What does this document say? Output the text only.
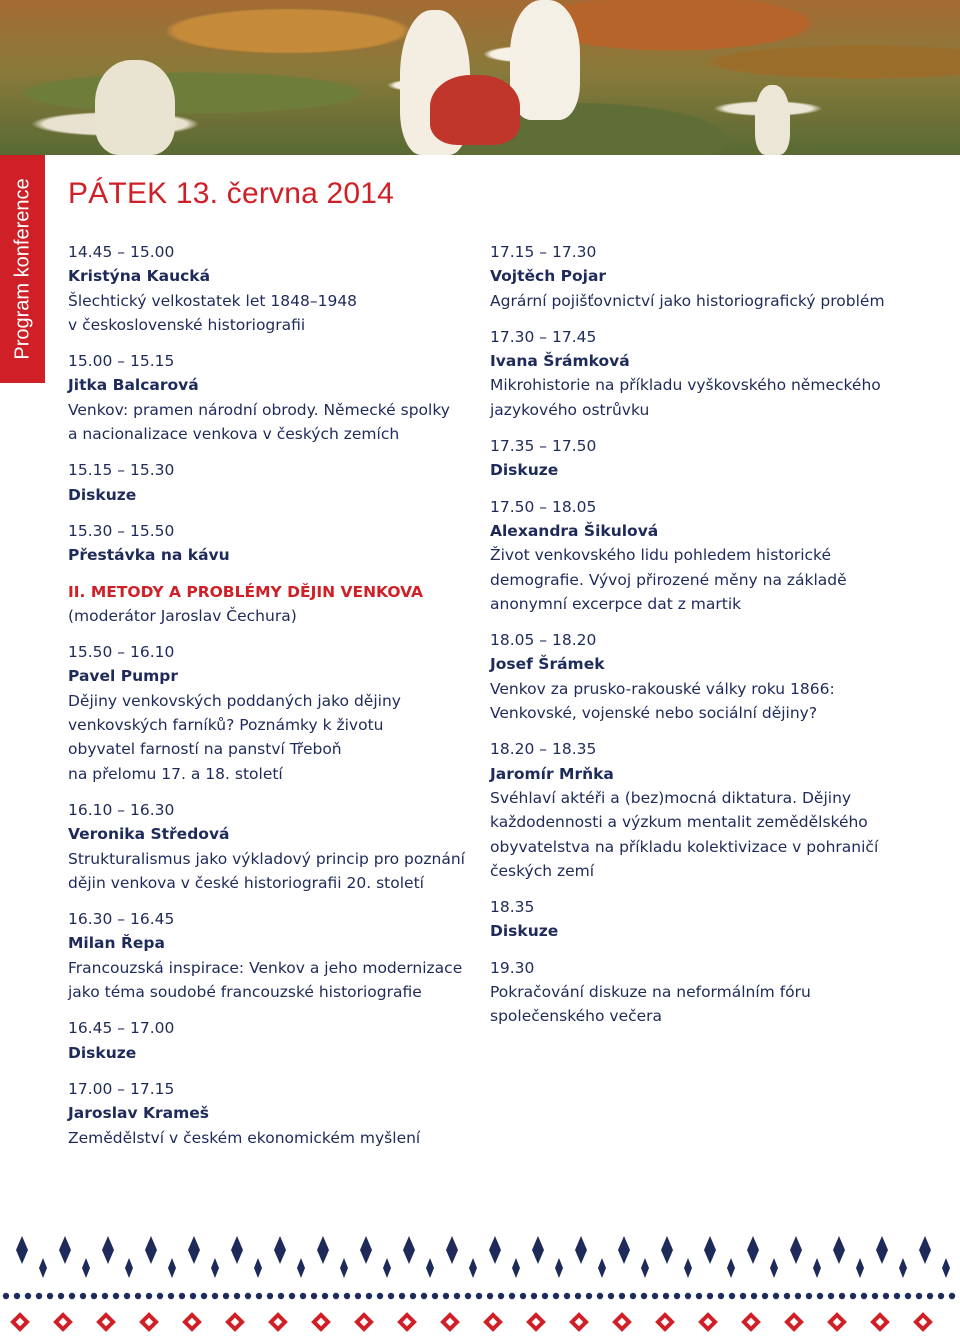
Program konference PÁTEK 13. června 2014
14.45 – 15.00
Kristýna Kaucká
Šlechtický velkostatek let 1848–1948
v československé historiografii
15.00 – 15.15
Jitka Balcarová
Venkov: pramen národní obrody. Německé spolky
a nacionalizace venkova v českých zemích
15.15 – 15.30
Diskuze
15.30 – 15.50
Přestávka na kávu
II. METODY A PROBLÉMY DĚJIN VENKOVA
(moderátor Jaroslav Čechura)
15.50 – 16.10
Pavel Pumpr
Dějiny venkovských poddaných jako dějiny
venkovských farníků? Poznámky k životu
obyvatel farností na panství Třeboň
na přelomu 17. a 18. století
16.10 – 16.30
Veronika Středová
Strukturalismus jako výkladový princip pro poznání
dějin venkova v české historiografii 20. století
16.30 – 16.45
Milan Řepa
Francouzská inspirace: Venkov a jeho modernizace
jako téma soudobé francouzské historiografie
16.45 – 17.00
Diskuze
17.00 – 17.15
Jaroslav Krameš
Zemědělství v českém ekonomickém myšlení
17.15 – 17.30
Vojtěch Pojar
Agrární pojišťovnictví jako historiografický problém
17.30 – 17.45
Ivana Šrámková
Mikrohistorie na příkladu vyškovského německého
jazykového ostrůvku
17.35 – 17.50
Diskuze
17.50 – 18.05
Alexandra Šikulová
Život venkovského lidu pohledem historické
demografie. Vývoj přirozené měny na základě
anonymní excerpce dat z martik
18.05 – 18.20
Josef Šrámek
Venkov za prusko-rakouské války roku 1866:
Venkovské, vojenské nebo sociální dějiny?
18.20 – 18.35
Jaromír Mrňka
Svéhlaví aktéři a (bez)mocná diktatura. Dějiny
každodennosti a výzkum mentalit zemědělského
obyvatelstva na příkladu kolektivizace v pohraničí
českých zemí
18.35
Diskuze
19.30
Pokračování diskuze na neformálním fóru
společenského večera
